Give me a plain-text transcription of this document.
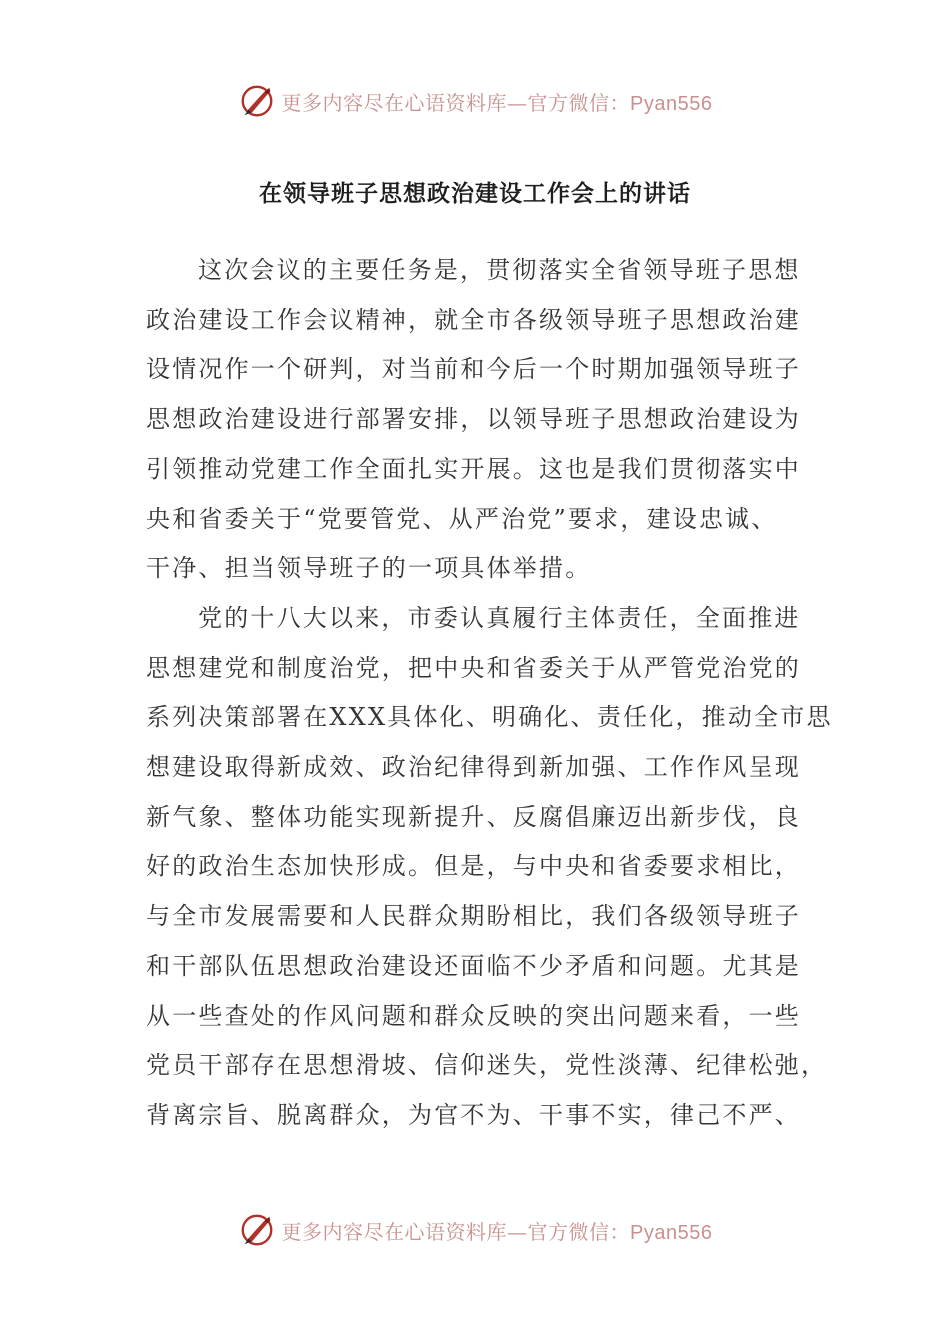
更多内容尽在心语资料库—官方微信：Pyan556
在领导班子思想政治建设工作会上的讲话

这次会议的主要任务是，贯彻落实全省领导班子思想
政治建设工作会议精神，就全市各级领导班子思想政治建
设情况作一个研判，对当前和今后一个时期加强领导班子
思想政治建设进行部署安排，以领导班子思想政治建设为
引领推动党建工作全面扎实开展。这也是我们贯彻落实中
央和省委关于“党要管党、从严治党”要求，建设忠诚、
干净、担当领导班子的一项具体举措。

党的十八大以来，市委认真履行主体责任，全面推进
思想建党和制度治党，把中央和省委关于从严管党治党的
系列决策部署在XXX具体化、明确化、责任化，推动全市思
想建设取得新成效、政治纪律得到新加强、工作作风呈现
新气象、整体功能实现新提升、反腐倡廉迈出新步伐，良
好的政治生态加快形成。但是，与中央和省委要求相比，
与全市发展需要和人民群众期盼相比，我们各级领导班子
和干部队伍思想政治建设还面临不少矛盾和问题。尤其是
从一些查处的作风问题和群众反映的突出问题来看，一些
党员干部存在思想滑坡、信仰迷失，党性淡薄、纪律松弛，
背离宗旨、脱离群众，为官不为、干事不实，律己不严、

更多内容尽在心语资料库—官方微信：Pyan556
